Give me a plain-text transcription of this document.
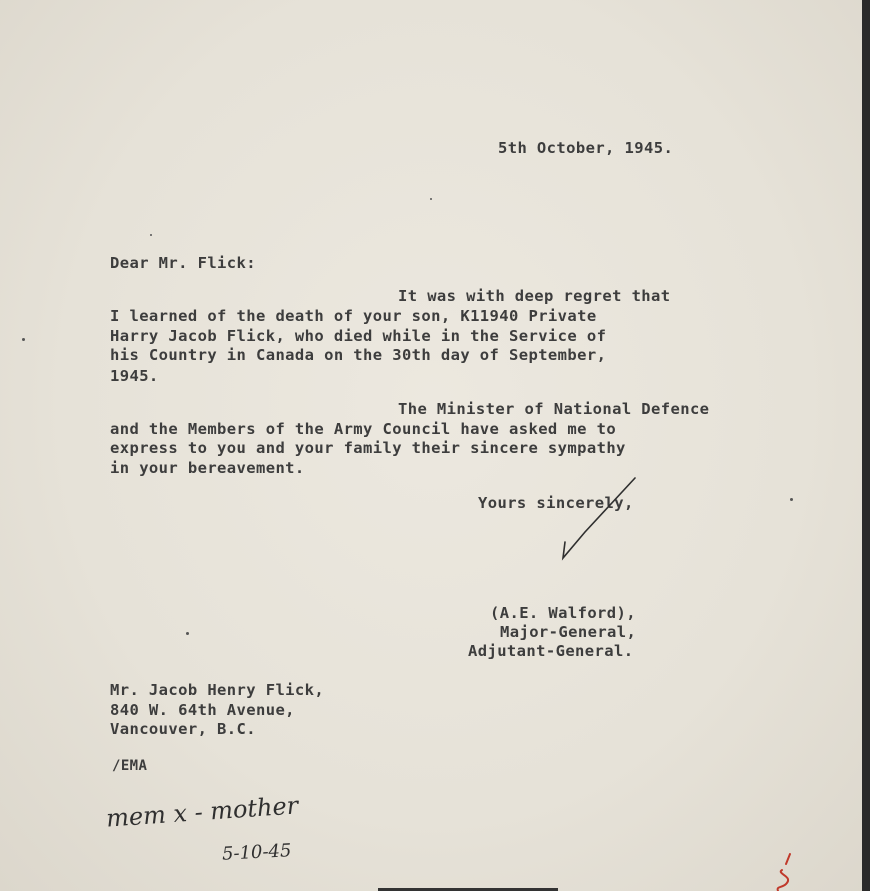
5th October, 1945.
Dear Mr. Flick:
It was with deep regret that
I learned of the death of your son, K11940 Private
Harry Jacob Flick, who died while in the Service of
his Country in Canada on the 30th day of September,
1945.
The Minister of National Defence
and the Members of the Army Council have asked me to
express to you and your family their sincere sympathy
in your bereavement.
Yours sincerely,
(A.E. Walford),
Major-General,
Adjutant-General.
Mr. Jacob Henry Flick,
840 W. 64th Avenue,
Vancouver, B.C.
/EMA
mem x - mother
5-10-45
